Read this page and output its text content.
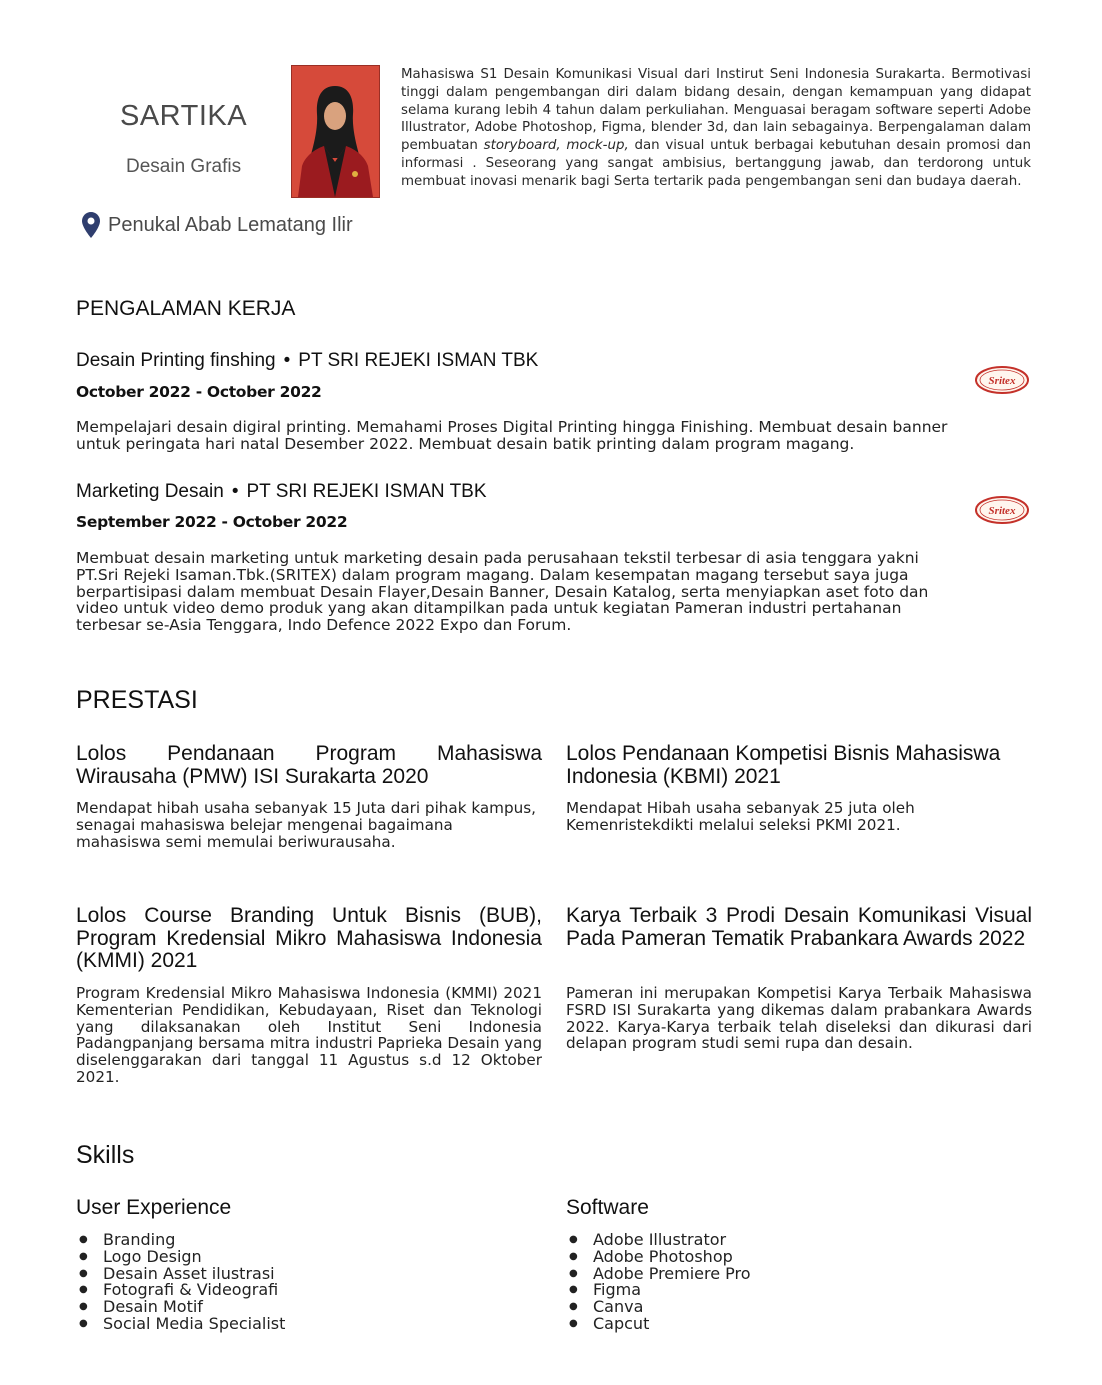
SARTIKA
Desain Grafis
Penukal Abab Lematang Ilir
Mahasiswa S1 Desain Komunikasi Visual dari Instirut Seni Indonesia Surakarta. Bermotivasi tinggi dalam pengembangan diri dalam bidang desain, dengan kemampuan yang didapat selama kurang lebih 4 tahun dalam perkuliahan. Menguasai beragam software seperti Adobe Illustrator, Adobe Photoshop, Figma, blender 3d, dan lain sebagainya. Berpengalaman dalam pembuatan storyboard, mock-up, dan visual untuk berbagai kebutuhan desain promosi dan informasi . Seseorang yang sangat ambisius, bertanggung jawab, dan terdorong untuk membuat inovasi menarik bagi Serta tertarik pada pengembangan seni dan budaya daerah.
PENGALAMAN KERJA
Desain Printing finshing • PT SRI REJEKI ISMAN TBK
October 2022 - October 2022
Mempelajari desain digiral printing. Memahami Proses Digital Printing hingga Finishing. Membuat desain banner untuk peringata hari natal Desember 2022. Membuat desain batik printing dalam program magang.
Sritex
Marketing Desain • PT SRI REJEKI ISMAN TBK
September 2022 - October 2022
Membuat desain marketing untuk marketing desain pada perusahaan tekstil terbesar di asia tenggara yakni PT.Sri Rejeki Isaman.Tbk.(SRITEX) dalam program magang. Dalam kesempatan magang tersebut saya juga berpartisipasi dalam membuat Desain Flayer,Desain Banner, Desain Katalog, serta menyiapkan aset foto dan video untuk video demo produk yang akan ditampilkan pada untuk kegiatan Pameran industri pertahanan terbesar se-Asia Tenggara, Indo Defence 2022 Expo dan Forum.
Sritex
PRESTASI
Lolos Pendanaan Program Mahasiswa Wirausaha (PMW) ISI Surakarta 2020
Mendapat hibah usaha sebanyak 15 Juta dari pihak kampus, senagai mahasiswa belejar mengenai bagaimana mahasiswa semi memulai beriwurausaha.
Lolos Pendanaan Kompetisi Bisnis Mahasiswa Indonesia (KBMI) 2021
Mendapat Hibah usaha sebanyak 25 juta oleh Kemenristekdikti melalui seleksi PKMI 2021.
Lolos Course Branding Untuk Bisnis (BUB), Program Kredensial Mikro Mahasiswa Indonesia (KMMI) 2021
Program Kredensial Mikro Mahasiswa Indonesia (KMMI) 2021 Kementerian Pendidikan, Kebudayaan, Riset dan Teknologi yang dilaksanakan oleh Institut Seni Indonesia Padangpanjang bersama mitra industri Paprieka Desain yang diselenggarakan dari tanggal 11 Agustus s.d 12 Oktober 2021.
Karya Terbaik 3 Prodi Desain Komunikasi Visual Pada Pameran Tematik Prabankara Awards 2022
Pameran ini merupakan Kompetisi Karya Terbaik Mahasiswa FSRD ISI Surakarta yang dikemas dalam prabankara Awards 2022. Karya-Karya terbaik telah diseleksi dan dikurasi dari delapan program studi semi rupa dan desain.
Skills
User Experience
● Branding
● Logo Design
● Desain Asset ilustrasi
● Fotografi & Videografi
● Desain Motif
● Social Media Specialist
Software
● Adobe Illustrator
● Adobe Photoshop
● Adobe Premiere Pro
● Figma
● Canva
● Capcut
